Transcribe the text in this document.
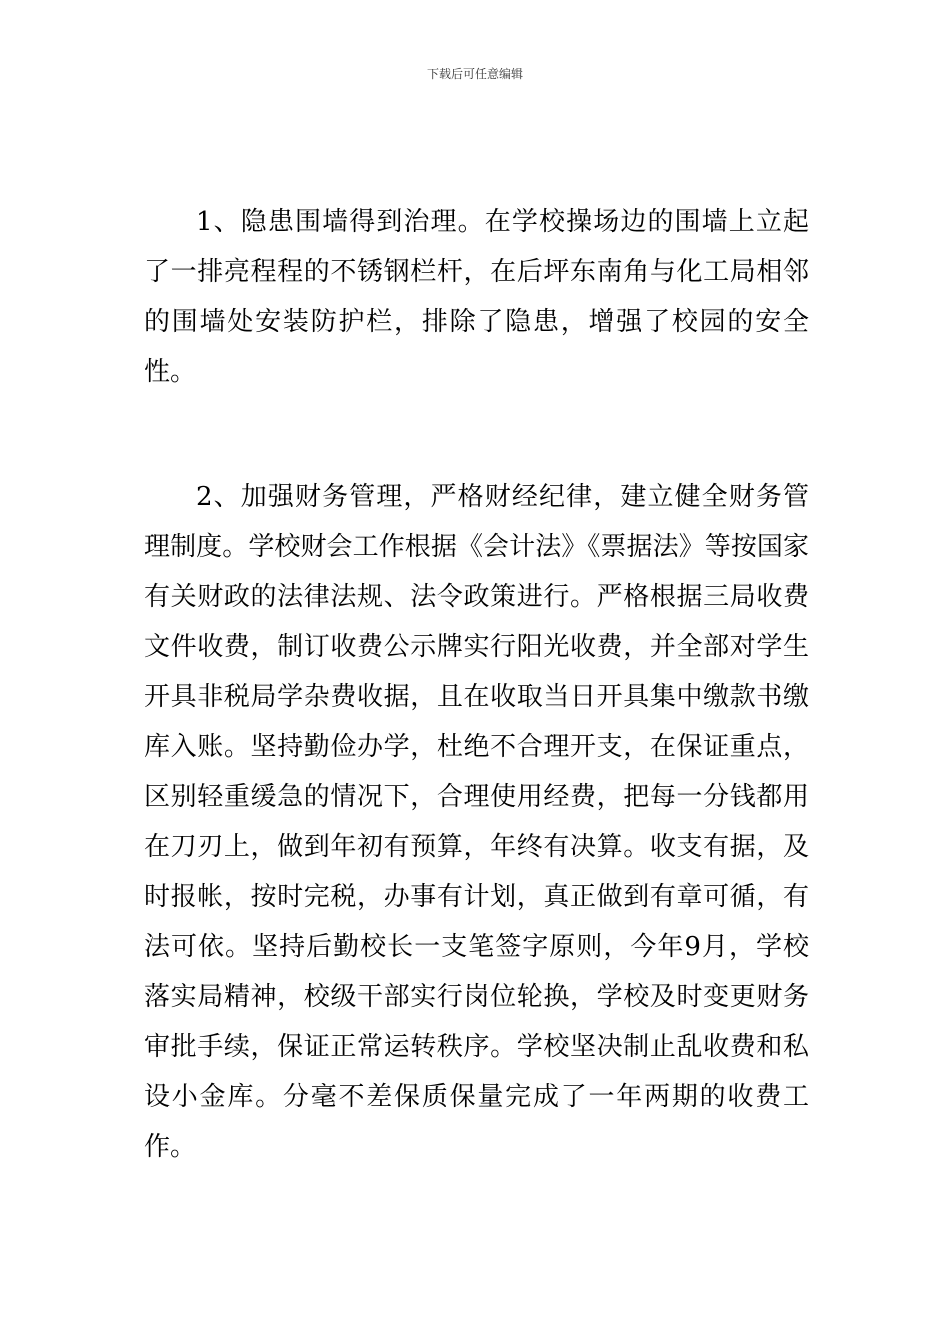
下载后可任意编辑

1、隐患围墙得到治理。在学校操场边的围墙上立起了一排亮程程的不锈钢栏杆，在后坪东南角与化工局相邻的围墙处安装防护栏，排除了隐患，增强了校园的安全性。

2、加强财务管理，严格财经纪律，建立健全财务管理制度。学校财会工作根据《会计法》《票据法》等按国家有关财政的法律法规、法令政策进行。严格根据三局收费文件收费，制订收费公示牌实行阳光收费，并全部对学生开具非税局学杂费收据，且在收取当日开具集中缴款书缴库入账。坚持勤俭办学，杜绝不合理开支，在保证重点，区别轻重缓急的情况下，合理使用经费，把每一分钱都用在刀刃上，做到年初有预算，年终有决算。收支有据，及时报帐，按时完税，办事有计划，真正做到有章可循，有法可依。坚持后勤校长一支笔签字原则，今年9月，学校落实局精神，校级干部实行岗位轮换，学校及时变更财务审批手续，保证正常运转秩序。学校坚决制止乱收费和私设小金库。分毫不差保质保量完成了一年两期的收费工作。
